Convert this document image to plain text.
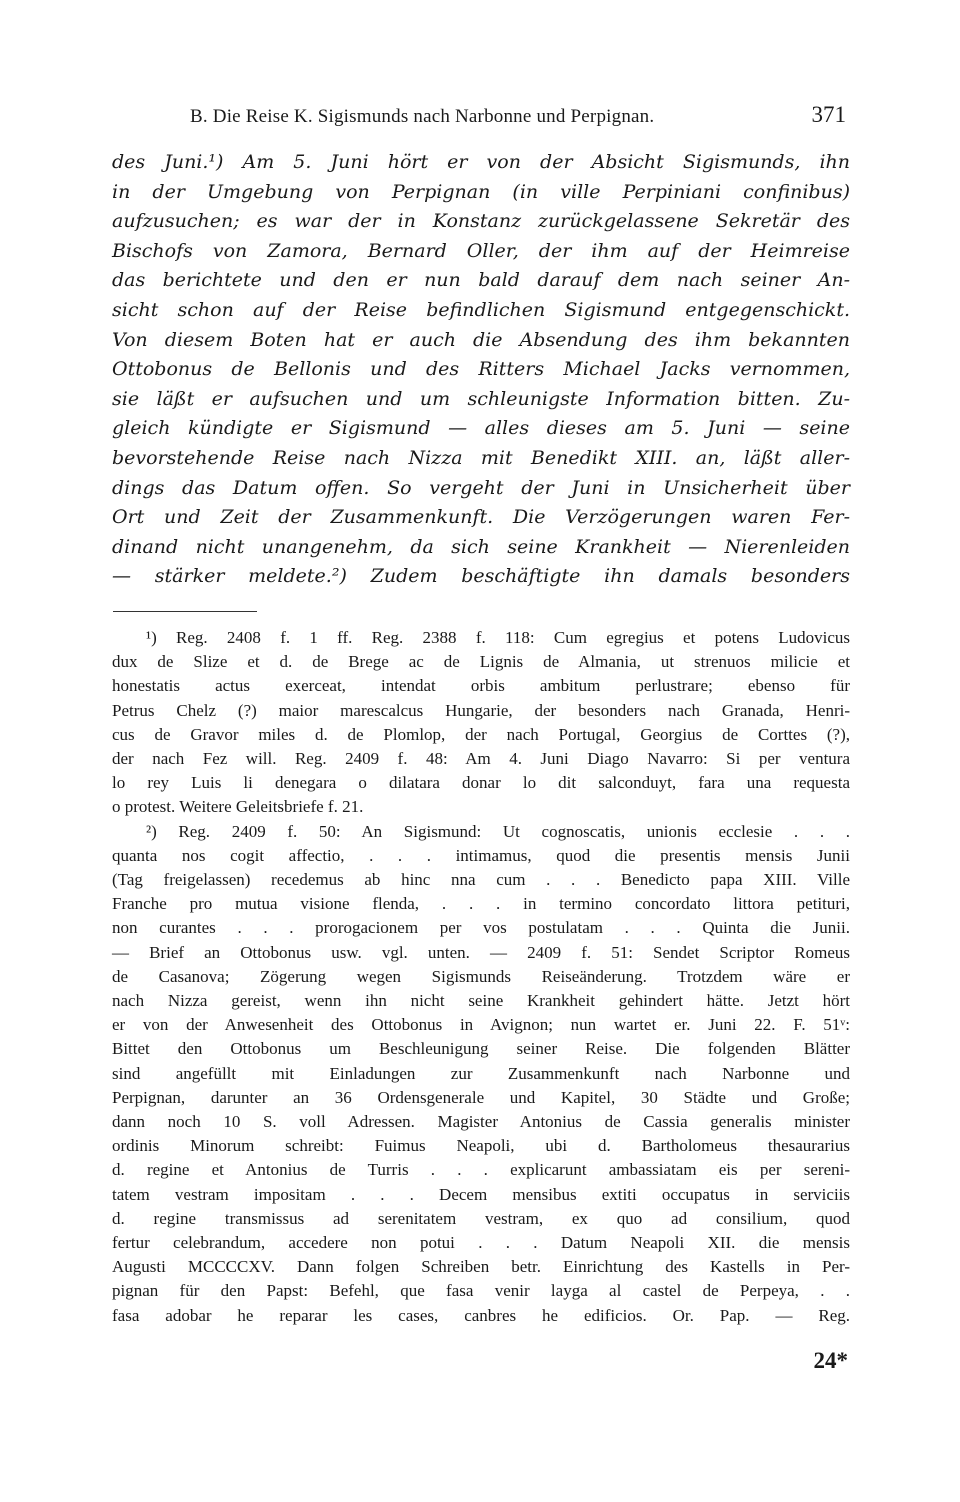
B. Die Reise K. Sigismunds nach Narbonne und Perpignan.	371
des Juni.¹) Am 5. Juni hört er von der Absicht Sigismunds, ihn
in der Umgebung von Perpignan (in ville Perpiniani confinibus)
aufzusuchen; es war der in Konstanz zurückgelassene Sekretär des
Bischofs von Zamora, Bernard Oller, der ihm auf der Heimreise
das berichtete und den er nun bald darauf dem nach seiner An-
sicht schon auf der Reise befindlichen Sigismund entgegenschickt.
Von diesem Boten hat er auch die Absendung des ihm bekannten
Ottobonus de Bellonis und des Ritters Michael Jacks vernommen,
sie läßt er aufsuchen und um schleunigste Information bitten. Zu-
gleich kündigte er Sigismund — alles dieses am 5. Juni — seine
bevorstehende Reise nach Nizza mit Benedikt XIII. an, läßt aller-
dings das Datum offen. So vergeht der Juni in Unsicherheit über
Ort und Zeit der Zusammenkunft. Die Verzögerungen waren Fer-
dinand nicht unangenehm, da sich seine Krankheit — Nierenleiden
— stärker meldete.²) Zudem beschäftigte ihn damals besonders
¹) Reg. 2408 f. 1 ff. Reg. 2388 f. 118: Cum egregius et potens Ludovicus
dux de Slize et d. de Brege ac de Lignis de Almania, ut strenuos milicie et
honestatis actus exerceat, intendat orbis ambitum perlustrare; ebenso für
Petrus Chelz (?) maior marescalcus Hungarie, der besonders nach Granada, Henri-
cus de Gravor miles d. de Plomlop, der nach Portugal, Georgius de Corttes (?),
der nach Fez will. Reg. 2409 f. 48: Am 4. Juni Diago Navarro: Si per ventura
lo rey Luis li denegara o dilatara donar lo dit salconduyt, fara una requesta
o protest. Weitere Geleitsbriefe f. 21.
²) Reg. 2409 f. 50: An Sigismund: Ut cognoscatis, unionis ecclesie . . .
quanta nos cogit affectio, . . . intimamus, quod die presentis mensis Junii
(Tag freigelassen) recedemus ab hinc nna cum . . . Benedicto papa XIII. Ville
Franche pro mutua visione flenda, . . . in termino concordato littora petituri,
non curantes . . . prorogacionem per vos postulatam . . . Quinta die Junii.
— Brief an Ottobonus usw. vgl. unten. — 2409 f. 51: Sendet Scriptor Romeus
de Casanova; Zögerung wegen Sigismunds Reiseänderung. Trotzdem wäre er
nach Nizza gereist, wenn ihn nicht seine Krankheit gehindert hätte. Jetzt hört
er von der Anwesenheit des Ottobonus in Avignon; nun wartet er. Juni 22. F. 51ᵛ:
Bittet den Ottobonus um Beschleunigung seiner Reise. Die folgenden Blätter
sind angefüllt mit Einladungen zur Zusammenkunft nach Narbonne und
Perpignan, darunter an 36 Ordensgenerale und Kapitel, 30 Städte und Große;
dann noch 10 S. voll Adressen. Magister Antonius de Cassia generalis minister
ordinis Minorum schreibt: Fuimus Neapoli, ubi d. Bartholomeus thesaurarius
d. regine et Antonius de Turris . . . explicarunt ambassiatam eis per sereni-
tatem vestram impositam . . . Decem mensibus extiti occupatus in serviciis
d. regine transmissus ad serenitatem vestram, ex quo ad consilium, quod
fertur celebrandum, accedere non potui . . . Datum Neapoli XII. die mensis
Augusti MCCCCXV. Dann folgen Schreiben betr. Einrichtung des Kastells in Per-
pignan für den Papst: Befehl, que fasa venir layga al castel de Perpeya, . .
fasa adobar he reparar les cases, canbres he edificios. Or. Pap. — Reg.
24*
